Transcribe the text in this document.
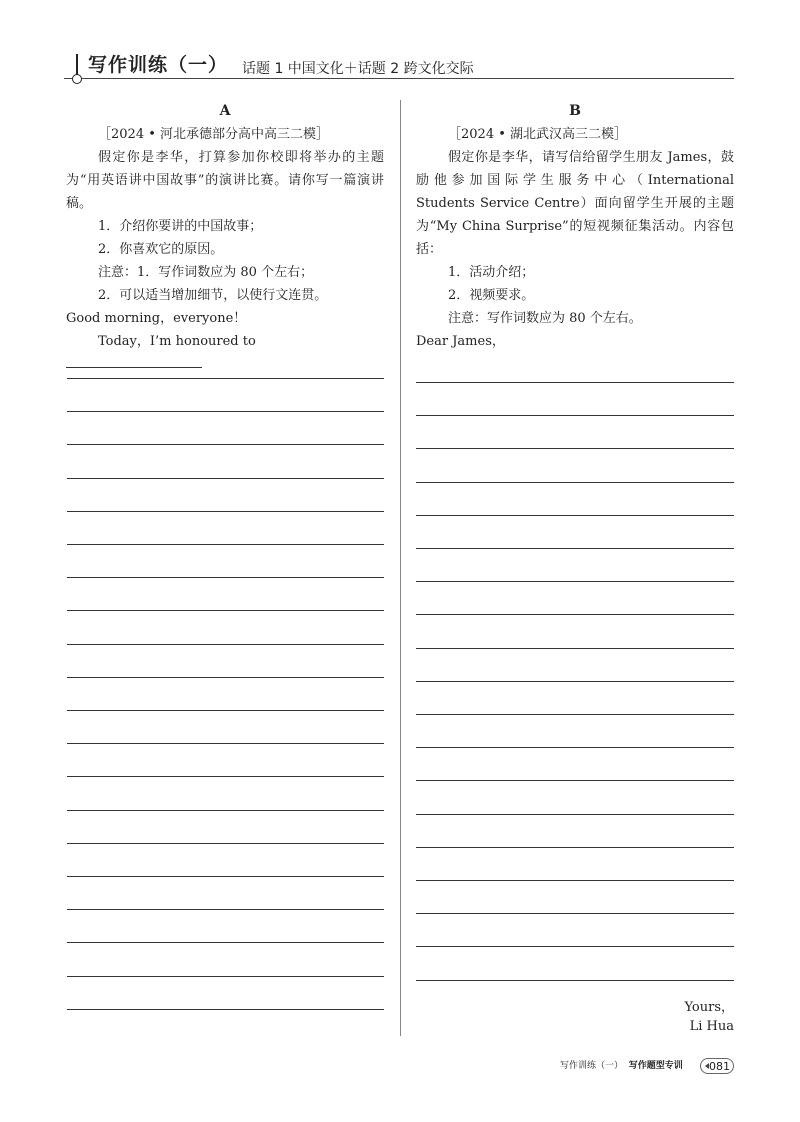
写作训练（一） 话题 1 中国文化＋话题 2 跨文化交际

A

［2024 • 河北承德部分高中高三二模］

假定你是李华，打算参加你校即将举办的主题为“用英语讲中国故事”的演讲比赛。请你写一篇演讲稿。

1．介绍你要讲的中国故事；

2．你喜欢它的原因。

注意：1．写作词数应为 80 个左右；

2．可以适当增加细节，以使行文连贯。

Good morning，everyone！

Today，I’m honoured to

B

［2024 • 湖北武汉高三二模］

假定你是李华，请写信给留学生朋友 James，鼓励他参加国际学生服务中心（International Students Service Centre）面向留学生开展的主题为“My China Surprise”的短视频征集活动。内容包括：

1．活动介绍；

2．视频要求。

注意：写作词数应为 80 个左右。

Dear James，

Yours，
Li Hua
写作训练（一） 写作题型专训	081
